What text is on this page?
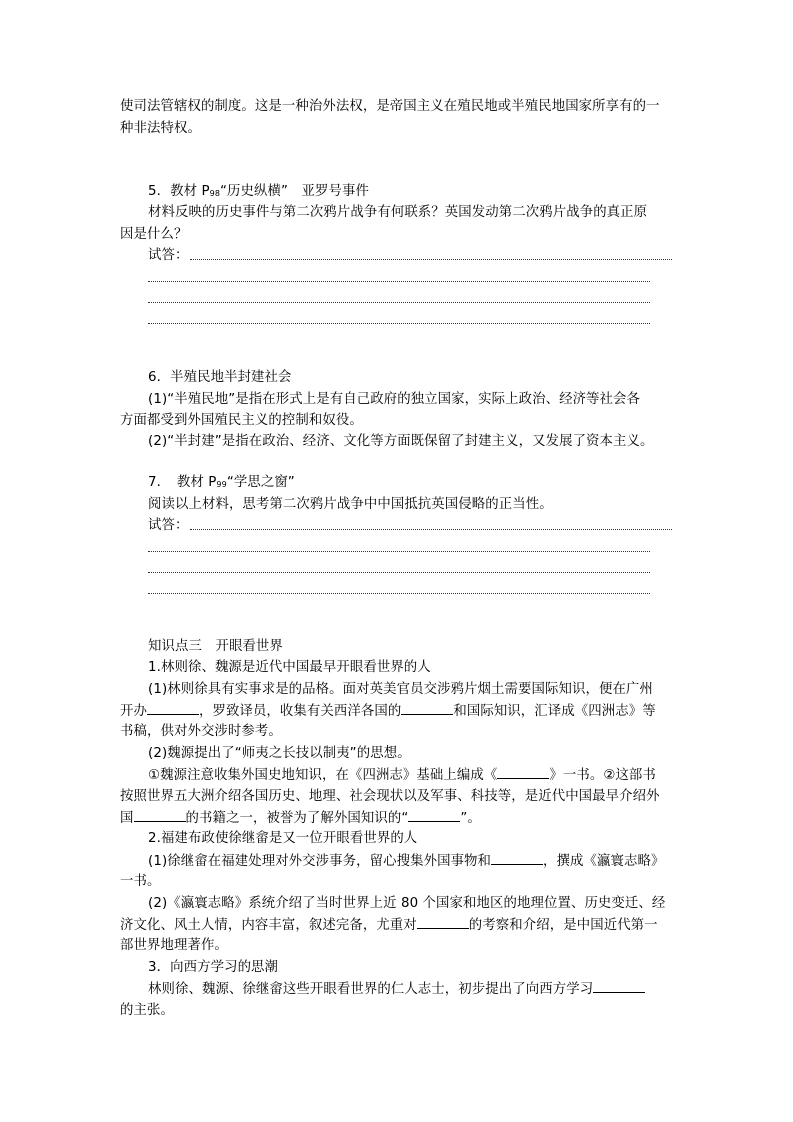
使司法管辖权的制度。这是一种治外法权，是帝国主义在殖民地或半殖民地国家所享有的一
种非法特权。
5．教材 P98“历史纵横”　亚罗号事件
材料反映的历史事件与第二次鸦片战争有何联系？英国发动第二次鸦片战争的真正原
因是什么？
试答：
6．半殖民地半封建社会
(1)“半殖民地”是指在形式上是有自己政府的独立国家，实际上政治、经济等社会各
方面都受到外国殖民主义的控制和奴役。
(2)“半封建”是指在政治、经济、文化等方面既保留了封建主义，又发展了资本主义。
7．　教材 P99“学思之窗”
阅读以上材料，思考第二次鸦片战争中中国抵抗英国侵略的正当性。
试答：
知识点三　开眼看世界
1.林则徐、魏源是近代中国最早开眼看世界的人
(1)林则徐具有实事求是的品格。面对英美官员交涉鸦片烟土需要国际知识，便在广州
开办	，罗致译员，收集有关西洋各国的	和国际知识，汇译成《四洲志》等
书稿，供对外交涉时参考。
(2)魏源提出了“师夷之长技以制夷”的思想。
①魏源注意收集外国史地知识，在《四洲志》基础上编成《	》一书。②这部书
按照世界五大洲介绍各国历史、地理、社会现状以及军事、科技等，是近代中国最早介绍外
国	的书籍之一，被誉为了解外国知识的“	”。
2.福建布政使徐继畲是又一位开眼看世界的人
(1)徐继畲在福建处理对外交涉事务，留心搜集外国事物和	，撰成《瀛寰志略》
一书。
(2)《瀛寰志略》系统介绍了当时世界上近 80 个国家和地区的地理位置、历史变迁、经
济文化、风土人情，内容丰富，叙述完备，尤重对	的考察和介绍，是中国近代第一
部世界地理著作。
3．向西方学习的思潮
林则徐、魏源、徐继畲这些开眼看世界的仁人志士，初步提出了向西方学习
的主张。
